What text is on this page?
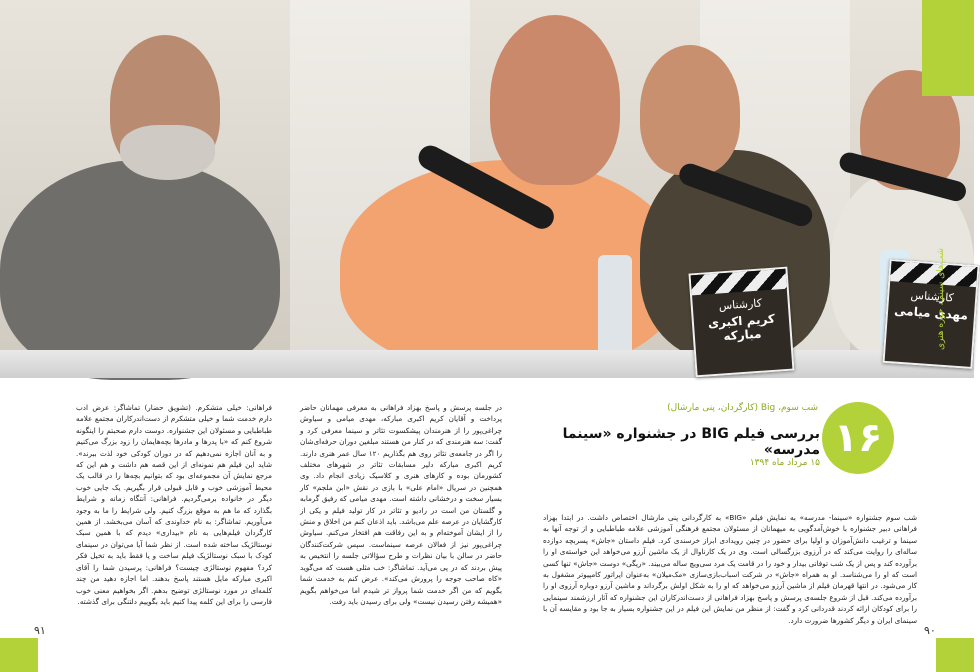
کارشناس
کریم اکبری مبارکه
کارشناس
مهدی میامی
شب‌های سینما، حوزه هنری
۱۶
شب سوم، Big (کارگردان، پنی مارشال)
بررسی فیلم BIG در جشنواره «سینما مدرسه»
۱۵ مرداد ماه ۱۳۹۴

شب سوم جشنواره «سینما- مدرسه» به نمایش فیلم «BIG» به کارگردانی پنی مارشال اختصاص داشت. در ابتدا بهزاد فراهانی دبیر جشنواره با خوش‌آمدگویی به میهمانان از مسئولان مجتمع فرهنگی آموزشی علامه طباطبایی و از توجه آنها به سینما و ترغیب دانش‌آموزان و اولیا برای حضور در چنین رویدادی ابراز خرسندی کرد. فیلم داستان «جاش» پسربچه دوازده ساله‌ای را روایت می‌کند که در آرزوی بزرگسالی است. وی در یک کارناوال از یک ماشین آرزو می‌خواهد این خواسته‌ی او را برآورده کند و پس از یک شب توفانی بیدار و خود را در قامت یک مرد سی‌ویچ ساله می‌بیند. «ریگی» دوست «جاش» تنها کسی است که او را می‌شناسد. او به همراه «جاش» در شرکت اسباب‌بازی‌سازی «مک‌میلان» به‌عنوان اپراتور کامپیوتر مشغول به کار می‌شود. در انتها قهرمان فیلم از ماشین آرزو می‌خواهد که او را به شکل اولش برگرداند و ماشین آرزو دوباره آرزوی او را برآورده می‌کند. قبل از شروع جلسه‌ی پرسش و پاسخ بهزاد فراهانی از دست‌اندرکاران این جشنواره که آثار ارزشمند سینمایی را برای کودکان ارائه کردند قدردانی کرد و گفت: از منظر من نمایش این فیلم در این جشنواره بسیار به جا بود و مقایسه آن با سینمای ایران و دیگر کشورها ضرورت دارد.

در جلسه پرسش و پاسخ بهزاد فراهانی به معرفی مهمانان حاضر پرداخت و آقایان کریم اکبری مبارکه، مهدی میامی و سیاوش چراغی‌پور را از هنرمندان پیشکسوت تئاتر و سینما معرفی کرد و گفت: سه هنرمندی که در کنار من هستند مبلغین دوران حرفه‌ای‌شان را اگر در جامعه‌ی تئاتر روی هم بگذاریم ۱۲۰ سال عمر هنری دارند. کریم اکبری مبارکه دلیر مسابقات تئاتر در شهرهای مختلف کشورمان بوده و کارهای هنری و کلاسیک زیادی انجام داد. وی همچنین در سریال «امام علی» با بازی در نقش «ابن ملجم» کار بسیار سخت و درخشانی داشته است. مهدی میامی که رفیق گرمابه و گلستان من است در رادیو و تئاتر در کار تولید فیلم و یکی از کارگشایان در عرصه علم می‌باشد. باید اذعان کنم من اخلاق و منش را از ایشان آموخته‌ام و به این رفاقت هم افتخار می‌کنم. سیاوش چراغی‌پور نیز از فعالان عرصه سینماست. سپس شرکت‌کنندگان حاضر در سالن با بیان نظرات و طرح سؤالاتی جلسه را انتخیص به پیش بردند که در پی می‌آید. تماشاگر: خب مثلی هست که می‌گوید «کاه صاحب جوجه را پرورش می‌کند». عرض کنم به خدمت شما بگویم که من اگر خدمت شما پرواز تر شیدم اما می‌خواهم بگویم «همیشه رفتن رسیدن نیست» ولی برای رسیدن باید رفت.

فراهانی: خیلی متشکرم. (تشویق حضار) تماشاگر: عرض ادب دارم خدمت شما و خیلی متشکرم از دست‌اندرکاران مجتمع علامه طباطبایی و مسئولان این جشنواره. دوست دارم صحبتم را اینگونه شروع کنم که «با پدرها و مادرها بچه‌هایمان را زود بزرگ می‌کنیم و به آنان اجازه نمی‌دهیم که در دوران کودکی خود لذت ببرند». شاید این فیلم هم نمونه‌ای از این قصه هم داشت و هم این که مرجع نمایش آن مجموعه‌ای بود که بتوانیم بچه‌ها را در قالب یک محیط آموزشی خوب و قابل قبولی قرار بگیریم. یک جایی خوب دیگر در خانواده برمی‌گردیم. فراهانی: آنتگاه زمانه و شرایط بگذارد که ما هم به موقع بزرگ کنیم. ولی شرایط را ما به وجود می‌آوریم. تماشاگر: به نام خداوندی که آسان می‌بخشد. از همین کارگردان فیلم‌هایی به نام «بیداری» دیدم که با همین سبک نوستالژیک ساخته شده است. از نظر شما آیا می‌توان در سینمای کودک با سبک نوستالژیک فیلم ساخت و یا فقط باید به تخیل فکر کرد؟ مفهوم نوستالژی چیست؟ فراهانی: پرسیدن شما را آقای اکبری مبارکه مایل هستند پاسخ بدهند. اما اجازه دهید من چند کلمه‌ای در مورد نوستالژی توضیح بدهم. اگر بخواهیم معنی خوب فارسی را برای این کلمه پیدا کنیم باید بگوییم دلتنگی برای گذشته.

۹۱	۹۰
